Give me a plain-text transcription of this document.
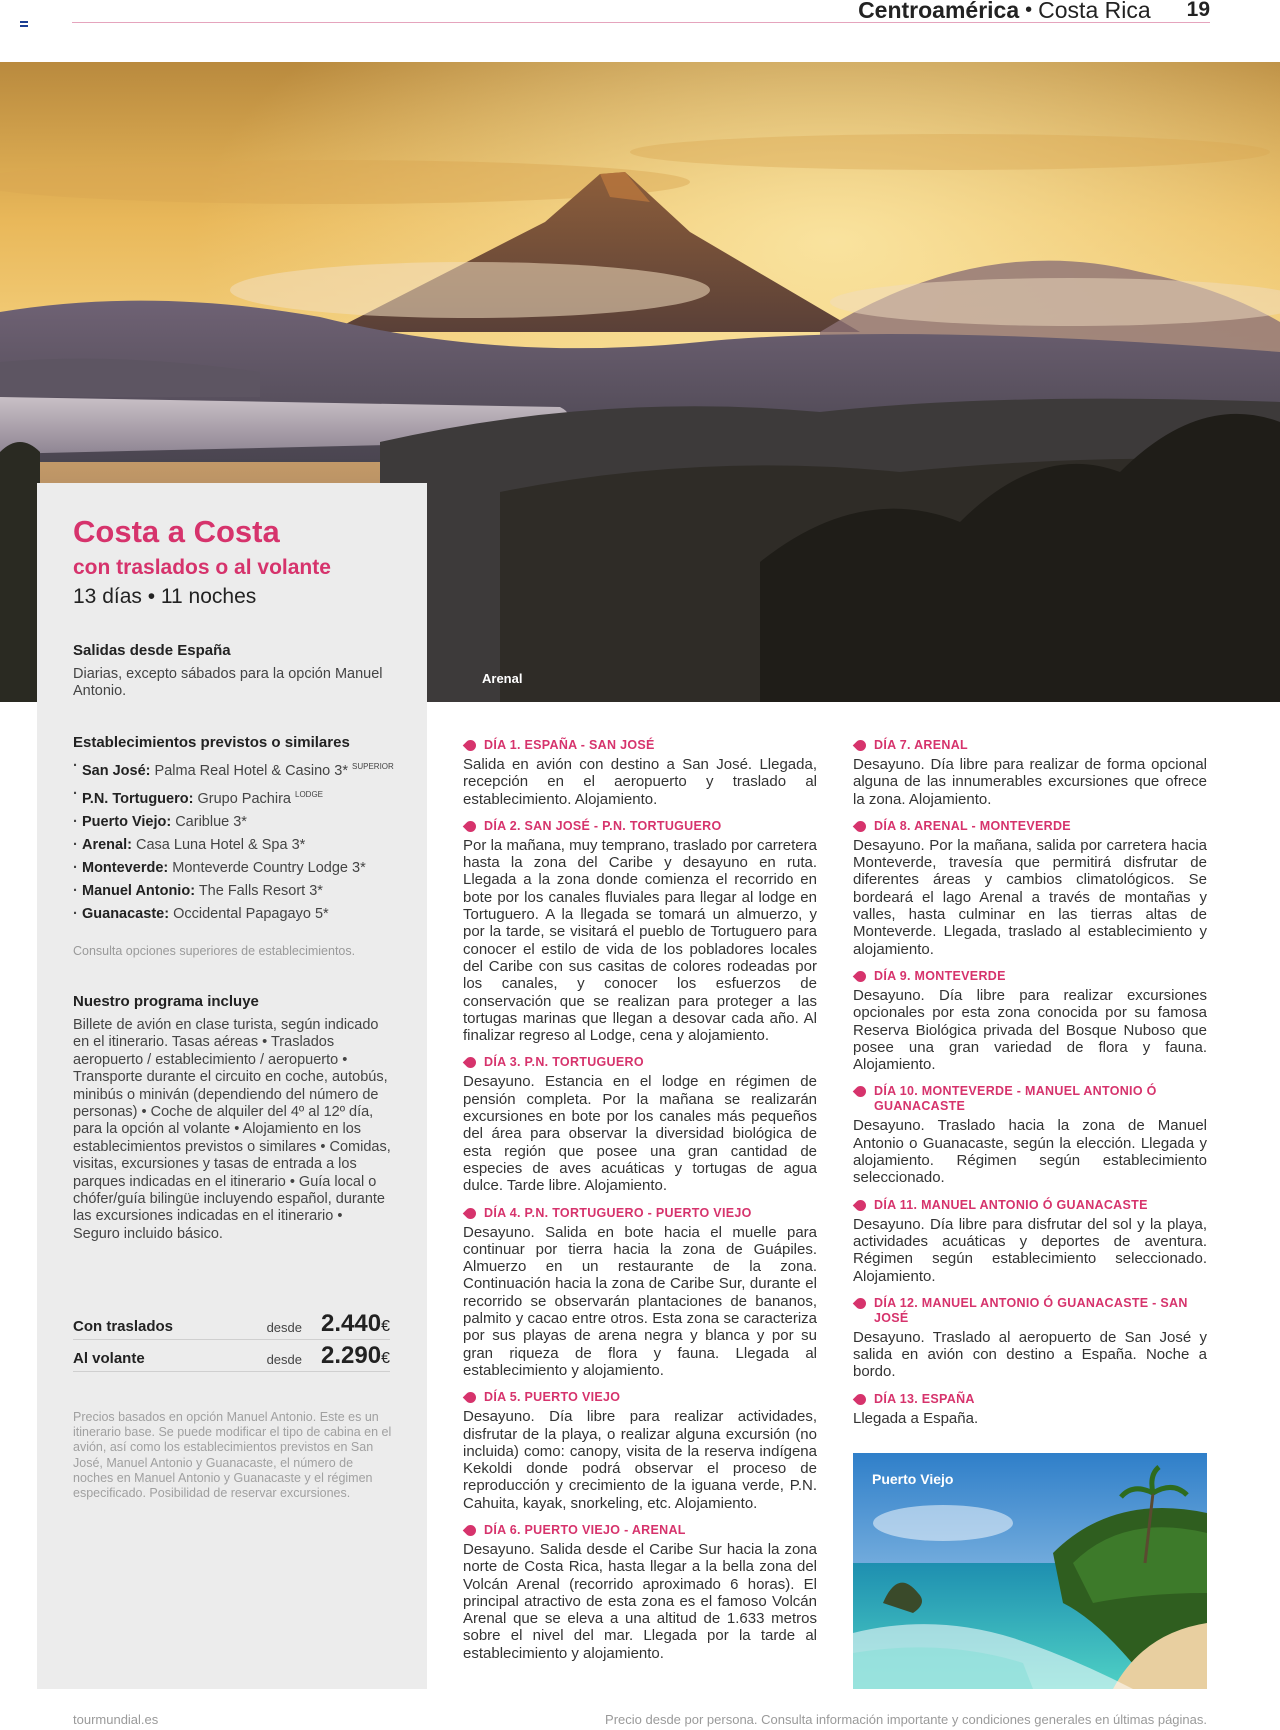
Centroamérica • Costa Rica 19
Arenal
Costa a Costa
con traslados o al volante
13 días • 11 noches
Salidas desde España
Diarias, excepto sábados para la opción Manuel Antonio.
Establecimientos previstos o similares
· San José: Palma Real Hotel & Casino 3* $^{SUPERIOR}$
· P.N. Tortuguero: Grupo Pachira $^{LODGE}$
· Puerto Viejo: Cariblue 3*
· Arenal: Casa Luna Hotel & Spa 3*
· Monteverde: Monteverde Country Lodge 3*
· Manuel Antonio: The Falls Resort 3*
· Guanacaste: Occidental Papagayo 5*
Consulta opciones superiores de establecimientos.
Nuestro programa incluye
Billete de avión en clase turista, según indicado en el itinerario. Tasas aéreas • Traslados aeropuerto / establecimiento / aeropuerto • Transporte durante el circuito en coche, autobús, minibús o miniván (dependiendo del número de personas) • Coche de alquiler del 4º al 12º día, para la opción al volante • Alojamiento en los establecimientos previstos o similares • Comidas, visitas, excursiones y tasas de entrada a los parques indicadas en el itinerario • Guía local o chófer/guía bilingüe incluyendo español, durante las excursiones indicadas en el itinerario • Seguro incluido básico.
Con traslados	desde 2.440€
Al volante	desde 2.290€
Precios basados en opción Manuel Antonio. Este es un itinerario base. Se puede modificar el tipo de cabina en el avión, así como los establecimientos previstos en San José, Manuel Antonio y Guanacaste, el número de noches en Manuel Antonio y Guanacaste y el régimen especificado. Posibilidad de reservar excursiones.
DÍA 1. ESPAÑA - SAN JOSÉ
Salida en avión con destino a San José. Llegada, recepción en el aeropuerto y traslado al establecimiento. Alojamiento.
DÍA 2. SAN JOSÉ - P.N. TORTUGUERO
Por la mañana, muy temprano, traslado por carretera hasta la zona del Caribe y desayuno en ruta. Llegada a la zona donde comienza el recorrido en bote por los canales fluviales para llegar al lodge en Tortuguero. A la llegada se tomará un almuerzo, y por la tarde, se visitará el pueblo de Tortuguero para conocer el estilo de vida de los pobladores locales del Caribe con sus casitas de colores rodeadas por los canales, y conocer los esfuerzos de conservación que se realizan para proteger a las tortugas marinas que llegan a desovar cada año. Al finalizar regreso al Lodge, cena y alojamiento.
DÍA 3. P.N. TORTUGUERO
Desayuno. Estancia en el lodge en régimen de pensión completa. Por la mañana se realizarán excursiones en bote por los canales más pequeños del área para observar la diversidad biológica de esta región que posee una gran cantidad de especies de aves acuáticas y tortugas de agua dulce. Tarde libre. Alojamiento.
DÍA 4. P.N. TORTUGUERO - PUERTO VIEJO
Desayuno. Salida en bote hacia el muelle para continuar por tierra hacia la zona de Guápiles. Almuerzo en un restaurante de la zona. Continuación hacia la zona de Caribe Sur, durante el recorrido se observarán plantaciones de bananos, palmito y cacao entre otros. Esta zona se caracteriza por sus playas de arena negra y blanca y por su gran riqueza de flora y fauna. Llegada al establecimiento y alojamiento.
DÍA 5. PUERTO VIEJO
Desayuno. Día libre para realizar actividades, disfrutar de la playa, o realizar alguna excursión (no incluida) como: canopy, visita de la reserva indígena Kekoldi donde podrá observar el proceso de reproducción y crecimiento de la iguana verde, P.N. Cahuita, kayak, snorkeling, etc. Alojamiento.
DÍA 6. PUERTO VIEJO - ARENAL
Desayuno. Salida desde el Caribe Sur hacia la zona norte de Costa Rica, hasta llegar a la bella zona del Volcán Arenal (recorrido aproximado 6 horas). El principal atractivo de esta zona es el famoso Volcán Arenal que se eleva a una altitud de 1.633 metros sobre el nivel del mar. Llegada por la tarde al establecimiento y alojamiento.
DÍA 7. ARENAL
Desayuno. Día libre para realizar de forma opcional alguna de las innumerables excursiones que ofrece la zona. Alojamiento.
DÍA 8. ARENAL - MONTEVERDE
Desayuno. Por la mañana, salida por carretera hacia Monteverde, travesía que permitirá disfrutar de diferentes áreas y cambios climatológicos. Se bordeará el lago Arenal a través de montañas y valles, hasta culminar en las tierras altas de Monteverde. Llegada, traslado al establecimiento y alojamiento.
DÍA 9. MONTEVERDE
Desayuno. Día libre para realizar excursiones opcionales por esta zona conocida por su famosa Reserva Biológica privada del Bosque Nuboso que posee una gran variedad de flora y fauna. Alojamiento.
DÍA 10. MONTEVERDE - MANUEL ANTONIO Ó GUANACASTE
Desayuno. Traslado hacia la zona de Manuel Antonio o Guanacaste, según la elección. Llegada y alojamiento. Régimen según establecimiento seleccionado.
DÍA 11. MANUEL ANTONIO Ó GUANACASTE
Desayuno. Día libre para disfrutar del sol y la playa, actividades acuáticas y deportes de aventura. Régimen según establecimiento seleccionado. Alojamiento.
DÍA 12. MANUEL ANTONIO Ó GUANACASTE - SAN JOSÉ
Desayuno. Traslado al aeropuerto de San José y salida en avión con destino a España. Noche a bordo.
DÍA 13. ESPAÑA
Llegada a España.
Puerto Viejo
tourmundial.es	Precio desde por persona. Consulta información importante y condiciones generales en últimas páginas.
